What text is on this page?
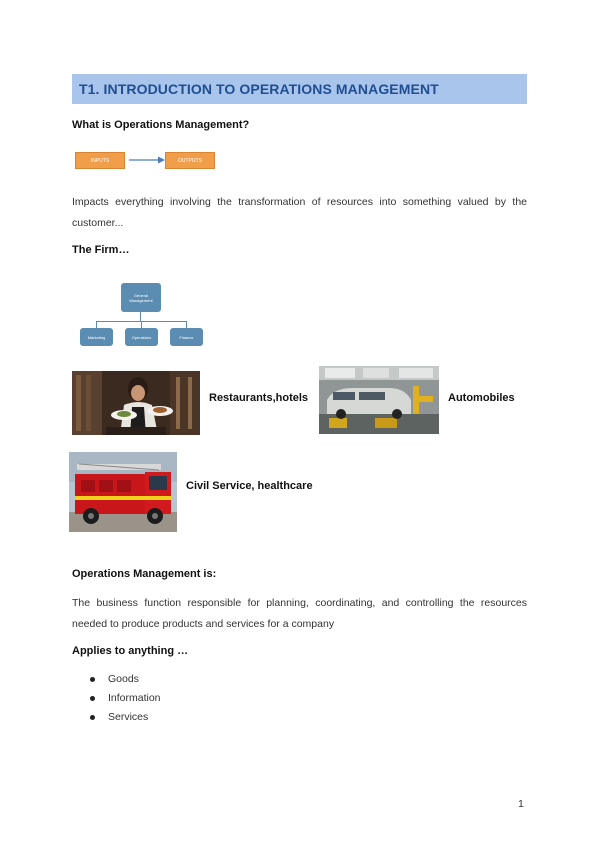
T1. INTRODUCTION TO OPERATIONS MANAGEMENT
What is Operations Management?
INPUTS	OUTPUTS
Impacts everything involving the transformation of resources into something valued by the customer...
The Firm…
General Management
Marketing	Operations	Finance
Restaurants,hotels	Automobiles
Civil Service, healthcare
Operations Management is:
The business function responsible for planning, coordinating, and controlling the resources needed to produce products and services for a company
Applies to anything …
Goods
Information
Services
1
